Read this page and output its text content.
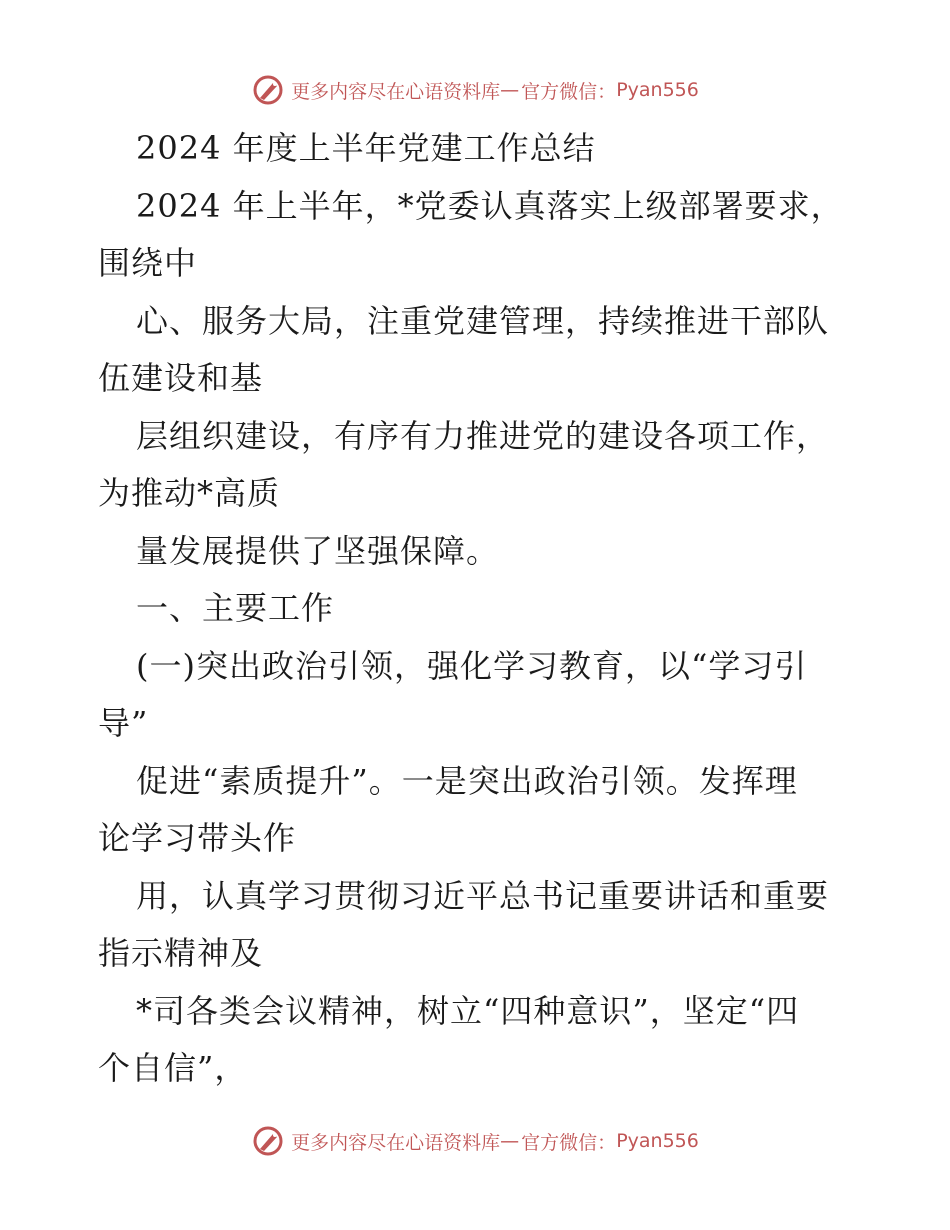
更多内容尽在心语资料库 — 官方微信： Pyan556
2024 年度上半年党建工作总结
2024 年上半年，*党委认真落实上级部署要求，
围绕中
心、服务大局，注重党建管理，持续推进干部队
伍建设和基
层组织建设，有序有力推进党的建设各项工作，
为推动*高质
量发展提供了坚强保障。
一、主要工作
(一)突出政治引领，强化学习教育，以“学习引
导”
促进“素质提升”。一是突出政治引领。发挥理
论学习带头作
用，认真学习贯彻习近平总书记重要讲话和重要
指示精神及
*司各类会议精神，树立“四种意识”，坚定“四
个自信”，
更多内容尽在心语资料库 — 官方微信： Pyan556
